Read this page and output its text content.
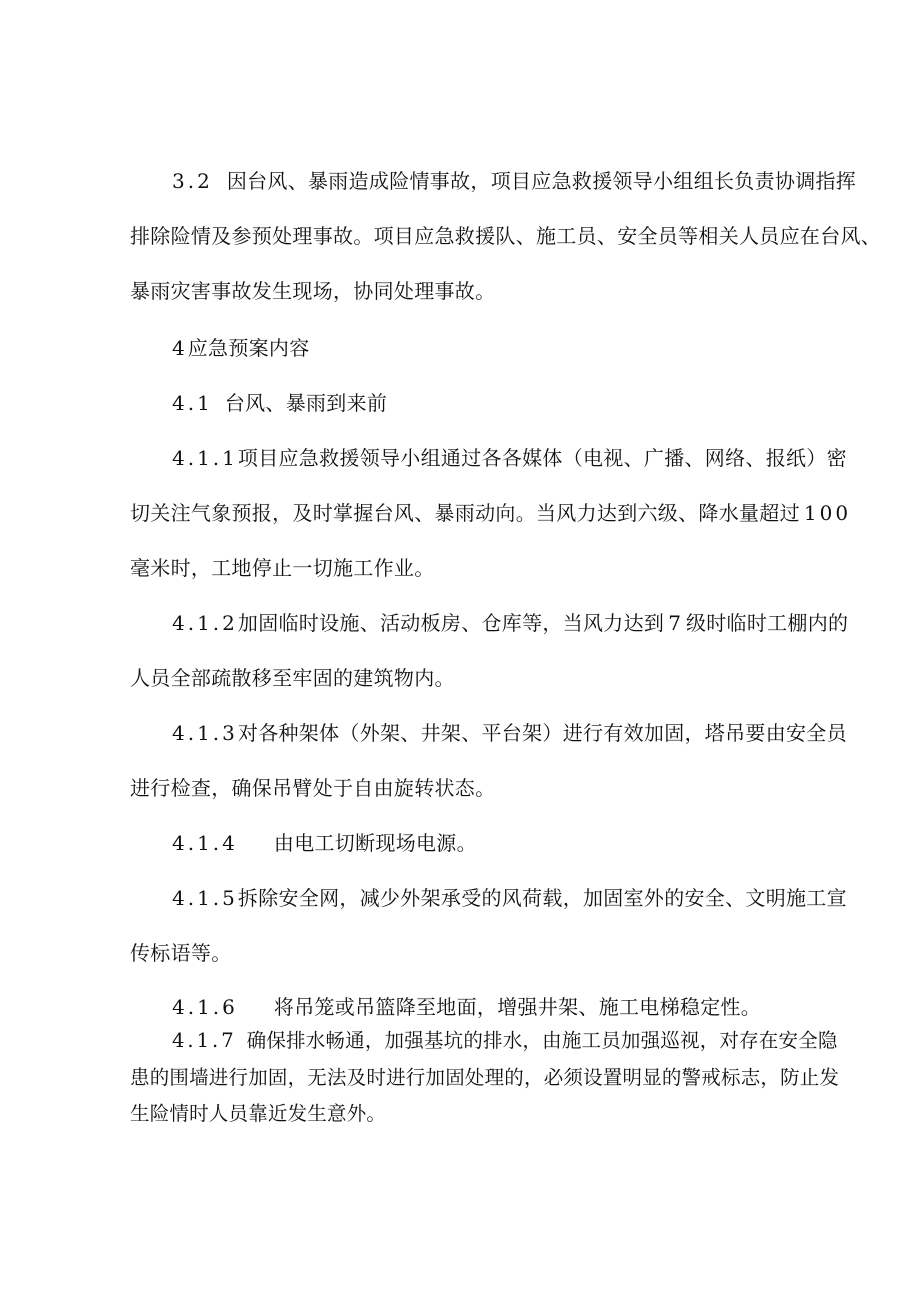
3.2 因台风、暴雨造成险情事故，项目应急救援领导小组组长负责协调指挥
排除险情及参预处理事故。项目应急救援队、施工员、安全员等相关人员应在台风、
暴雨灾害事故发生现场，协同处理事故。
4应急预案内容
4.1 台风、暴雨到来前
4.1.1项目应急救援领导小组通过各各媒体（电视、广播、网络、报纸）密
切关注气象预报，及时掌握台风、暴雨动向。当风力达到六级、降水量超过 100
毫米时，工地停止一切施工作业。
4.1.2加固临时设施、活动板房、仓库等，当风力达到 7 级时临时工棚内的
人员全部疏散移至牢固的建筑物内。
4.1.3对各种架体（外架、井架、平台架）进行有效加固，塔吊要由安全员
进行检查，确保吊臂处于自由旋转状态。
4.1.4 由电工切断现场电源。
4.1.5拆除安全网，减少外架承受的风荷载，加固室外的安全、文明施工宣
传标语等。
4.1.6 将吊笼或吊篮降至地面，增强井架、施工电梯稳定性。
4.1.7 确保排水畅通，加强基坑的排水，由施工员加强巡视，对存在安全隐
患的围墙进行加固，无法及时进行加固处理的，必须设置明显的警戒标志，防止发
生险情时人员靠近发生意外。
